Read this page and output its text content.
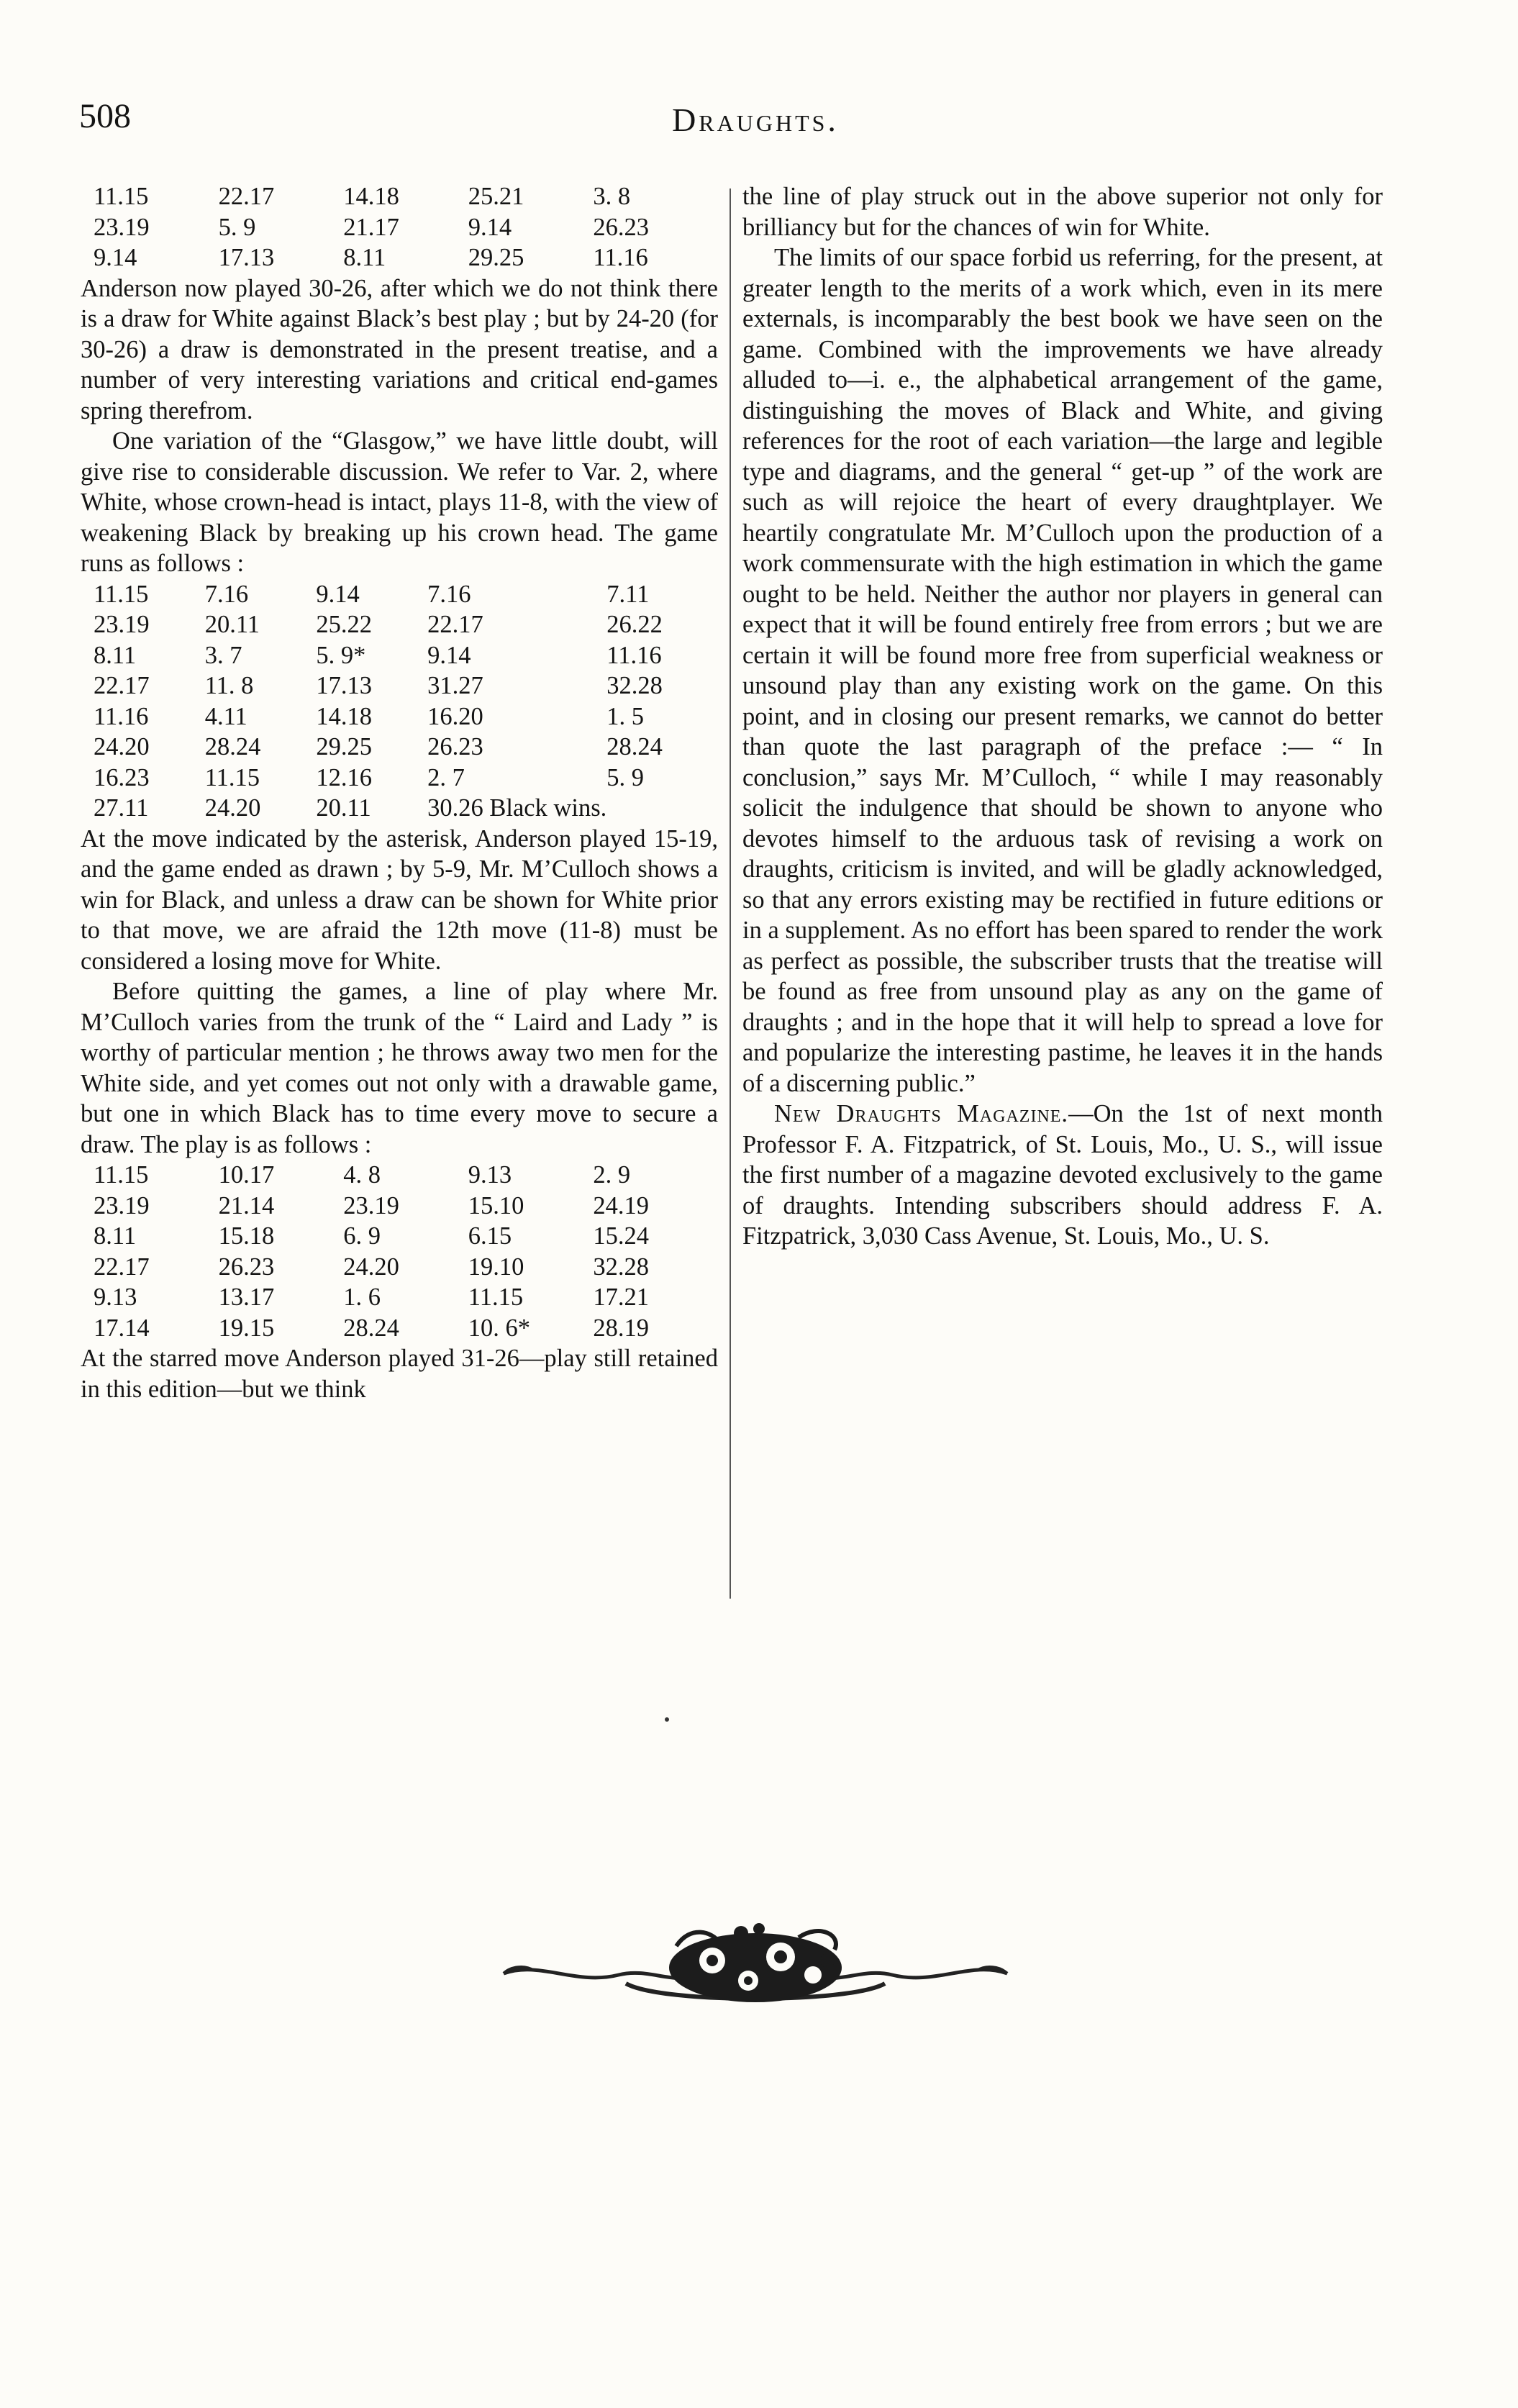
508	Draughts.
11.15	22.17	14.18	25.21	3. 8
23.19	5. 9	21.17	9.14	26.23
9.14	17.13	8.11	29.25	11.16

Anderson now played 30-26, after which we do not think there is a draw for White against Black’s best play ; but by 24-20 (for 30-26) a draw is demonstrated in the present treatise, and a number of very interesting variations and critical end-games spring therefrom.

One variation of the “Glasgow,” we have little doubt, will give rise to considerable discussion. We refer to Var. 2, where White, whose crown-head is intact, plays 11-8, with the view of weakening Black by breaking up his crown head. The game runs as follows :

11.15	7.16	9.14	7.16	7.11
23.19	20.11	25.22	22.17	26.22
8.11	3. 7	5. 9*	9.14	11.16
22.17	11. 8	17.13	31.27	32.28
11.16	4.11	14.18	16.20	1. 5
24.20	28.24	29.25	26.23	28.24
16.23	11.15	12.16	2. 7	5. 9
27.11	24.20	20.11	30.26 Black wins.

At the move indicated by the asterisk, Anderson played 15-19, and the game ended as drawn ; by 5-9, Mr. M’Culloch shows a win for Black, and unless a draw can be shown for White prior to that move, we are afraid the 12th move (11-8) must be considered a losing move for White.

Before quitting the games, a line of play where Mr. M’Culloch varies from the trunk of the “ Laird and Lady ” is worthy of particular mention ; he throws away two men for the White side, and yet comes out not only with a drawable game, but one in which Black has to time every move to secure a draw. The play is as follows :

11.15	10.17	4. 8	9.13	2. 9
23.19	21.14	23.19	15.10	24.19
8.11	15.18	6. 9	6.15	15.24
22.17	26.23	24.20	19.10	32.28
9.13	13.17	1. 6	11.15	17.21
17.14	19.15	28.24	10. 6*	28.19

At the starred move Anderson played 31-26—play still retained in this edition—but we think

the line of play struck out in the above superior not only for brilliancy but for the chances of win for White.

The limits of our space forbid us referring, for the present, at greater length to the merits of a work which, even in its mere externals, is incomparably the best book we have seen on the game. Combined with the improvements we have already alluded to—i. e., the alphabetical arrangement of the game, distinguishing the moves of Black and White, and giving references for the root of each variation—the large and legible type and diagrams, and the general “ get-up ” of the work are such as will rejoice the heart of every draughtplayer. We heartily congratulate Mr. M’Culloch upon the production of a work commensurate with the high estimation in which the game ought to be held. Neither the author nor players in general can expect that it will be found entirely free from errors ; but we are certain it will be found more free from superficial weakness or unsound play than any existing work on the game. On this point, and in closing our present remarks, we cannot do better than quote the last paragraph of the preface :— “ In conclusion,” says Mr. M’Culloch, “ while I may reasonably solicit the indulgence that should be shown to anyone who devotes himself to the arduous task of revising a work on draughts, criticism is invited, and will be gladly acknowledged, so that any errors existing may be rectified in future editions or in a supplement. As no effort has been spared to render the work as perfect as possible, the subscriber trusts that the treatise will be found as free from unsound play as any on the game of draughts ; and in the hope that it will help to spread a love for and popularize the interesting pastime, he leaves it in the hands of a discerning public.”

New Draughts Magazine.—On the 1st of next month Professor F. A. Fitzpatrick, of St. Louis, Mo., U. S., will issue the first number of a magazine devoted exclusively to the game of draughts. Intending subscribers should address F. A. Fitzpatrick, 3,030 Cass Avenue, St. Louis, Mo., U. S.
